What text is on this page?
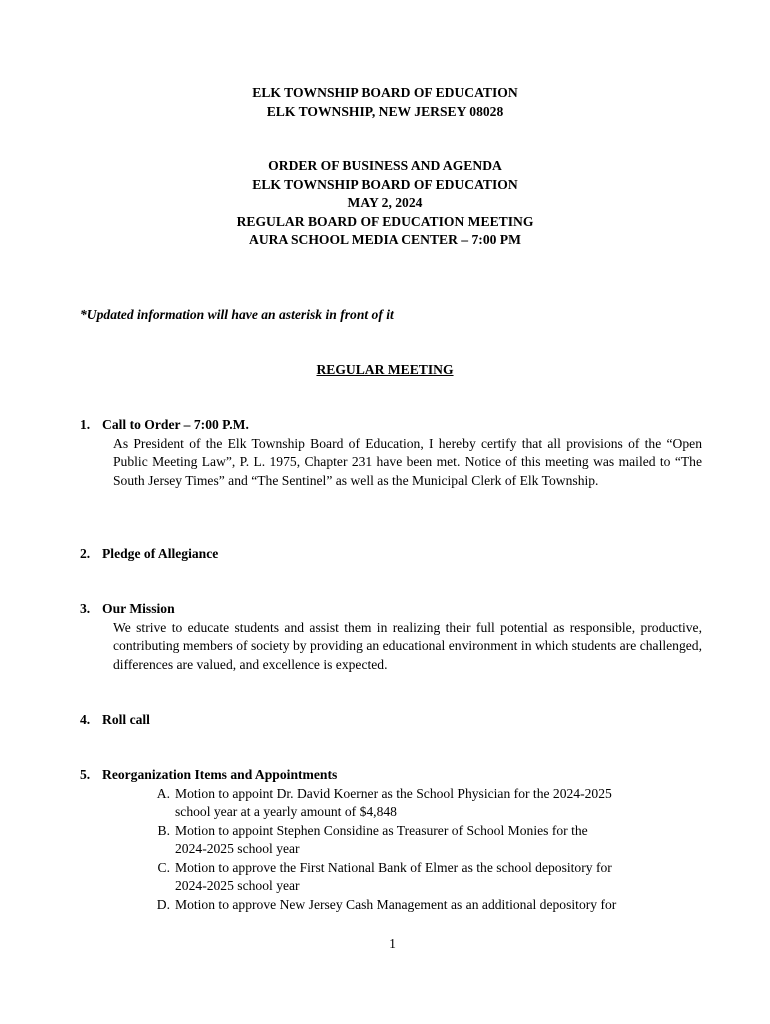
ELK TOWNSHIP BOARD OF EDUCATION
ELK TOWNSHIP, NEW JERSEY 08028
ORDER OF BUSINESS AND AGENDA
ELK TOWNSHIP BOARD OF EDUCATION
MAY 2, 2024
REGULAR BOARD OF EDUCATION MEETING
AURA SCHOOL MEDIA CENTER – 7:00 PM
*Updated information will have an asterisk in front of it
REGULAR MEETING
1. Call to Order – 7:00 P.M.
As President of the Elk Township Board of Education, I hereby certify that all provisions of the “Open Public Meeting Law”, P. L. 1975, Chapter 231 have been met. Notice of this meeting was mailed to “The South Jersey Times” and “The Sentinel” as well as the Municipal Clerk of Elk Township.
2. Pledge of Allegiance
3. Our Mission
We strive to educate students and assist them in realizing their full potential as responsible, productive, contributing members of society by providing an educational environment in which students are challenged, differences are valued, and excellence is expected.
4. Roll call
5. Reorganization Items and Appointments
A. Motion to appoint Dr. David Koerner as the School Physician for the 2024-2025
school year at a yearly amount of $4,848
B. Motion to appoint Stephen Considine as Treasurer of School Monies for the
2024-2025 school year
C. Motion to approve the First National Bank of Elmer as the school depository for
2024-2025 school year
D. Motion to approve New Jersey Cash Management as an additional depository for
1
